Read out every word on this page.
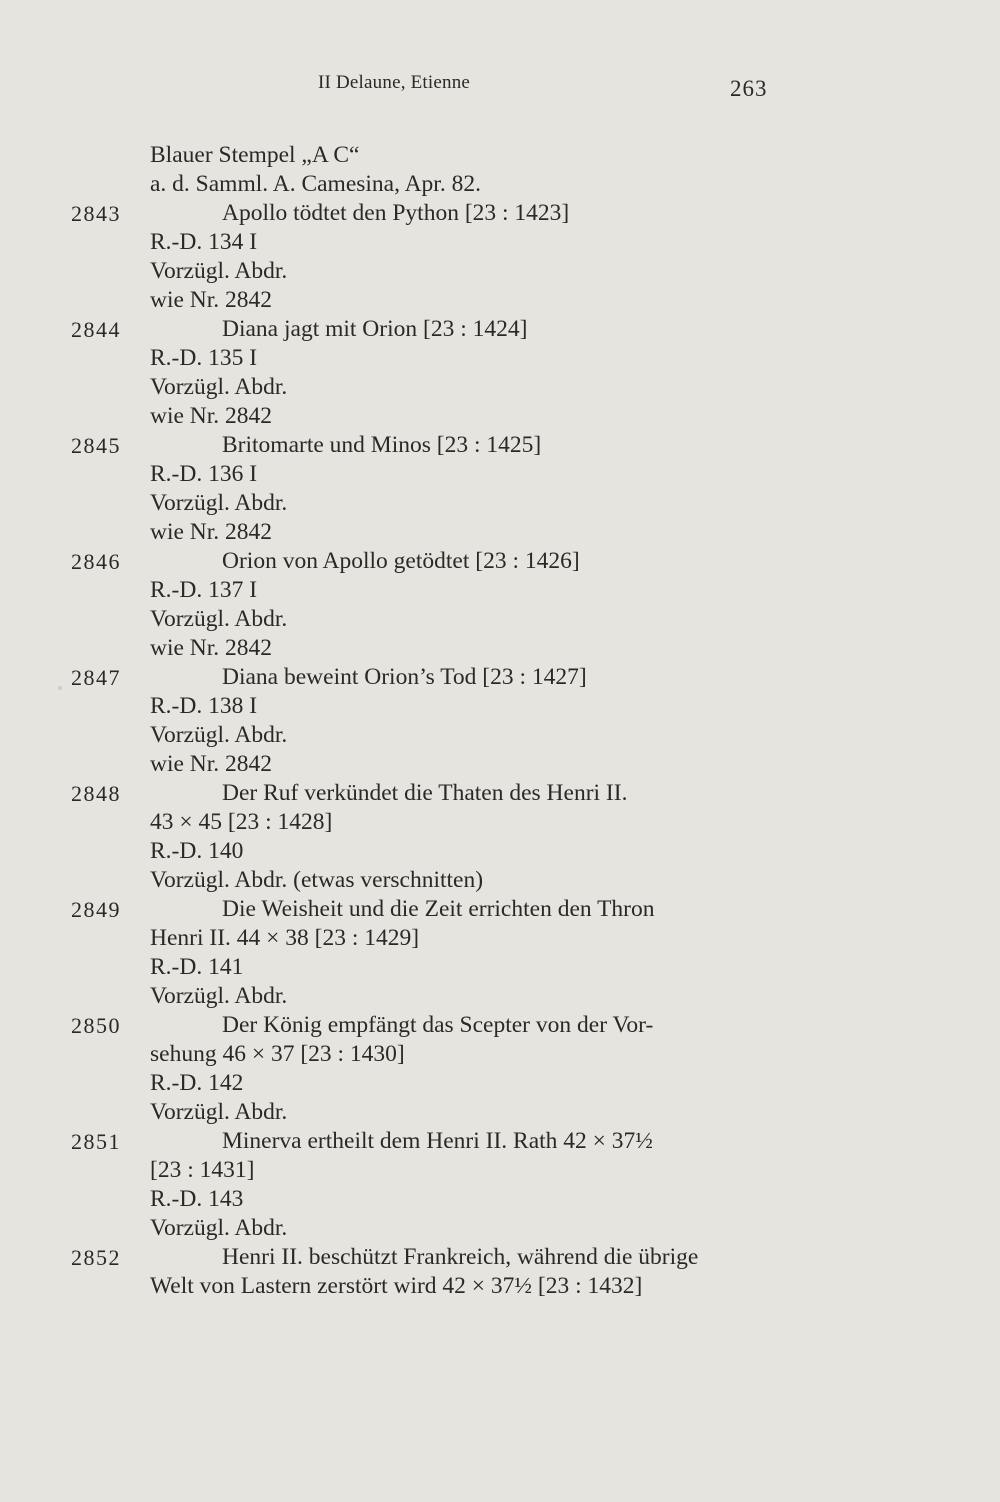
II Delaune, Etienne	263
Blauer Stempel „A C“
a. d. Samml. A. Camesina, Apr. 82.
2843	Apollo tödtet den Python [23 : 1423]
R.-D. 134 I
Vorzügl. Abdr.
wie Nr. 2842
2844	Diana jagt mit Orion [23 : 1424]
R.-D. 135 I
Vorzügl. Abdr.
wie Nr. 2842
2845	Britomarte und Minos [23 : 1425]
R.-D. 136 I
Vorzügl. Abdr.
wie Nr. 2842
2846	Orion von Apollo getödtet [23 : 1426]
R.-D. 137 I
Vorzügl. Abdr.
wie Nr. 2842
2847	Diana beweint Orion’s Tod [23 : 1427]
R.-D. 138 I
Vorzügl. Abdr.
wie Nr. 2842
2848	Der Ruf verkündet die Thaten des Henri II.
43 × 45 [23 : 1428]
R.-D. 140
Vorzügl. Abdr. (etwas verschnitten)
2849	Die Weisheit und die Zeit errichten den Thron
Henri II. 44 × 38 [23 : 1429]
R.-D. 141
Vorzügl. Abdr.
2850	Der König empfängt das Scepter von der Vor-
sehung 46 × 37 [23 : 1430]
R.-D. 142
Vorzügl. Abdr.
2851	Minerva ertheilt dem Henri II. Rath 42 × 37½
[23 : 1431]
R.-D. 143
Vorzügl. Abdr.
2852	Henri II. beschützt Frankreich, während die übrige
Welt von Lastern zerstört wird 42 × 37½ [23 : 1432]
